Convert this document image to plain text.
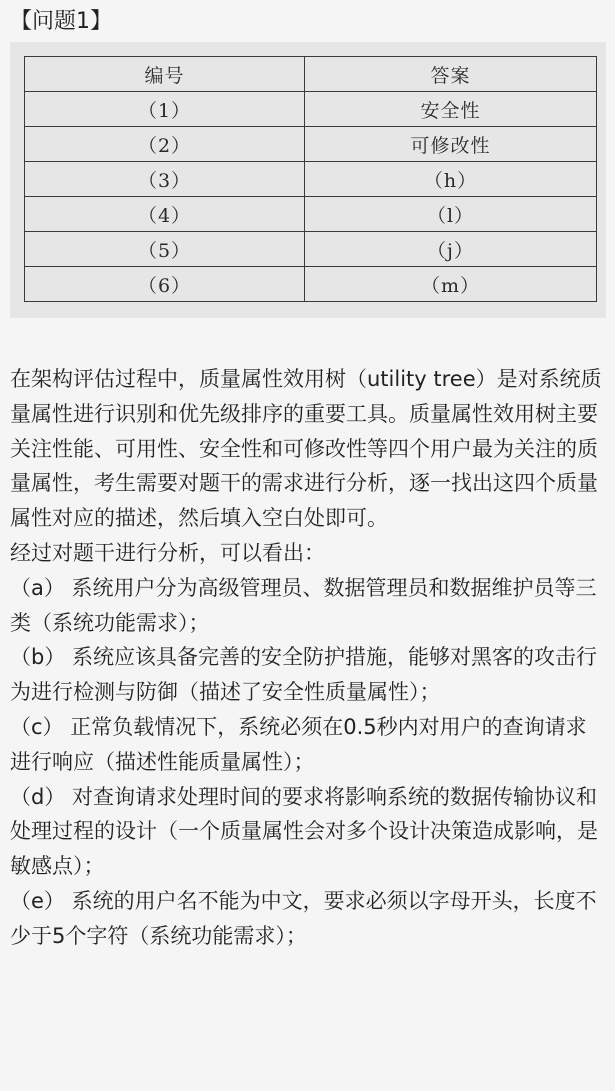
【问题1】
编号	答案
（1）	安全性
（2）	可修改性
（3）	（h）
（4）	（l）
（5）	（j）
（6）	（m）

在架构评估过程中，质量属性效用树（utility tree）是对系统质量属性进行识别和优先级排序的重要工具。质量属性效用树主要关注性能、可用性、安全性和可修改性等四个用户最为关注的质量属性，考生需要对题干的需求进行分析，逐一找出这四个质量属性对应的描述，然后填入空白处即可。

经过对题干进行分析，可以看出：

（a） 系统用户分为高级管理员、数据管理员和数据维护员等三类（系统功能需求）；

（b） 系统应该具备完善的安全防护措施，能够对黑客的攻击行为进行检测与防御（描述了安全性质量属性）；

（c） 正常负载情况下，系统必须在0.5秒内对用户的查询请求进行响应（描述性能质量属性）；

（d） 对查询请求处理时间的要求将影响系统的数据传输协议和处理过程的设计（一个质量属性会对多个设计决策造成影响，是敏感点）；

（e） 系统的用户名不能为中文，要求必须以字母开头，长度不少于5个字符（系统功能需求）；
